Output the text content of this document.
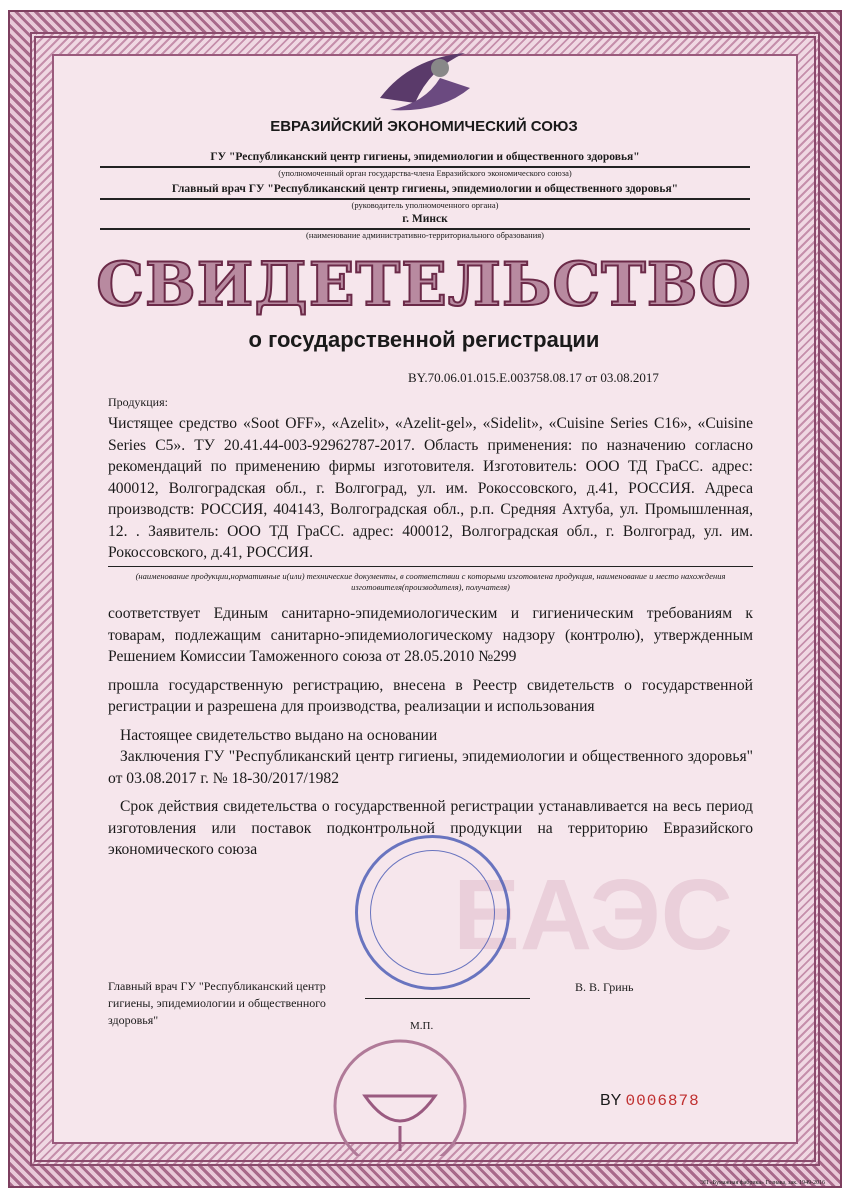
ЕВРАЗИЙСКИЙ ЭКОНОМИЧЕСКИЙ СОЮЗ
ГУ "Республиканский центр гигиены, эпидемиологии и общественного здоровья"
(уполномоченный орган государства-члена Евразийского экономического союза)
Главный врач ГУ "Республиканский центр гигиены, эпидемиологии и общественного здоровья"
(руководитель уполномоченного органа)
г. Минск
(наименование административно-территориального образования)
СВИДЕТЕЛЬСТВО
о государственной регистрации
BY.70.06.01.015.E.003758.08.17 от 03.08.2017
Продукция:
Чистящее средство «Soot OFF», «Azelit», «Azelit-gel», «Sidelit», «Cuisine Series C16», «Cuisine Series C5». ТУ 20.41.44-003-92962787-2017. Область применения: по назначению согласно рекомендаций по применению фирмы изготовителя. Изготовитель: ООО ТД ГраСС. адрес: 400012, Волгоградская обл., г. Волгоград, ул. им. Рокоссовского, д.41, РОССИЯ. Адреса производств: РОССИЯ, 404143, Волгоградская обл., р.п. Средняя Ахтуба, ул. Промышленная, 12. . Заявитель: ООО ТД ГраСС. адрес: 400012, Волгоградская обл., г. Волгоград, ул. им. Рокоссовского, д.41, РОССИЯ.
(наименование продукции,нормативные и(или) технические документы, в соответствии с которыми изготовлена продукция, наименование и место нахождения изготовителя(производителя), получателя)
соответствует Единым санитарно-эпидемиологическим и гигиеническим требованиям к товарам, подлежащим санитарно-эпидемиологическому надзору (контролю), утвержденным Решением Комиссии Таможенного союза от 28.05.2010 №299
прошла государственную регистрацию, внесена в Реестр свидетельств о государственной регистрации и разрешена для производства, реализации и использования
Настоящее свидетельство выдано на основании
Заключения ГУ "Республиканский центр гигиены, эпидемиологии и общественного здоровья" от 03.08.2017 г. № 18-30/2017/1982
Срок действия свидетельства о государственной регистрации устанавливается на весь период изготовления или поставок подконтрольной продукции на территорию Евразийского экономического союза
ЕАЭС
Главный врач ГУ "Республиканский центр гигиены, эпидемиологии и общественного здоровья"
В. В. Гринь
М.П.
BY 0006878
ЭП «Бумажная фабрика» Гознака, зак. 1949-2016
